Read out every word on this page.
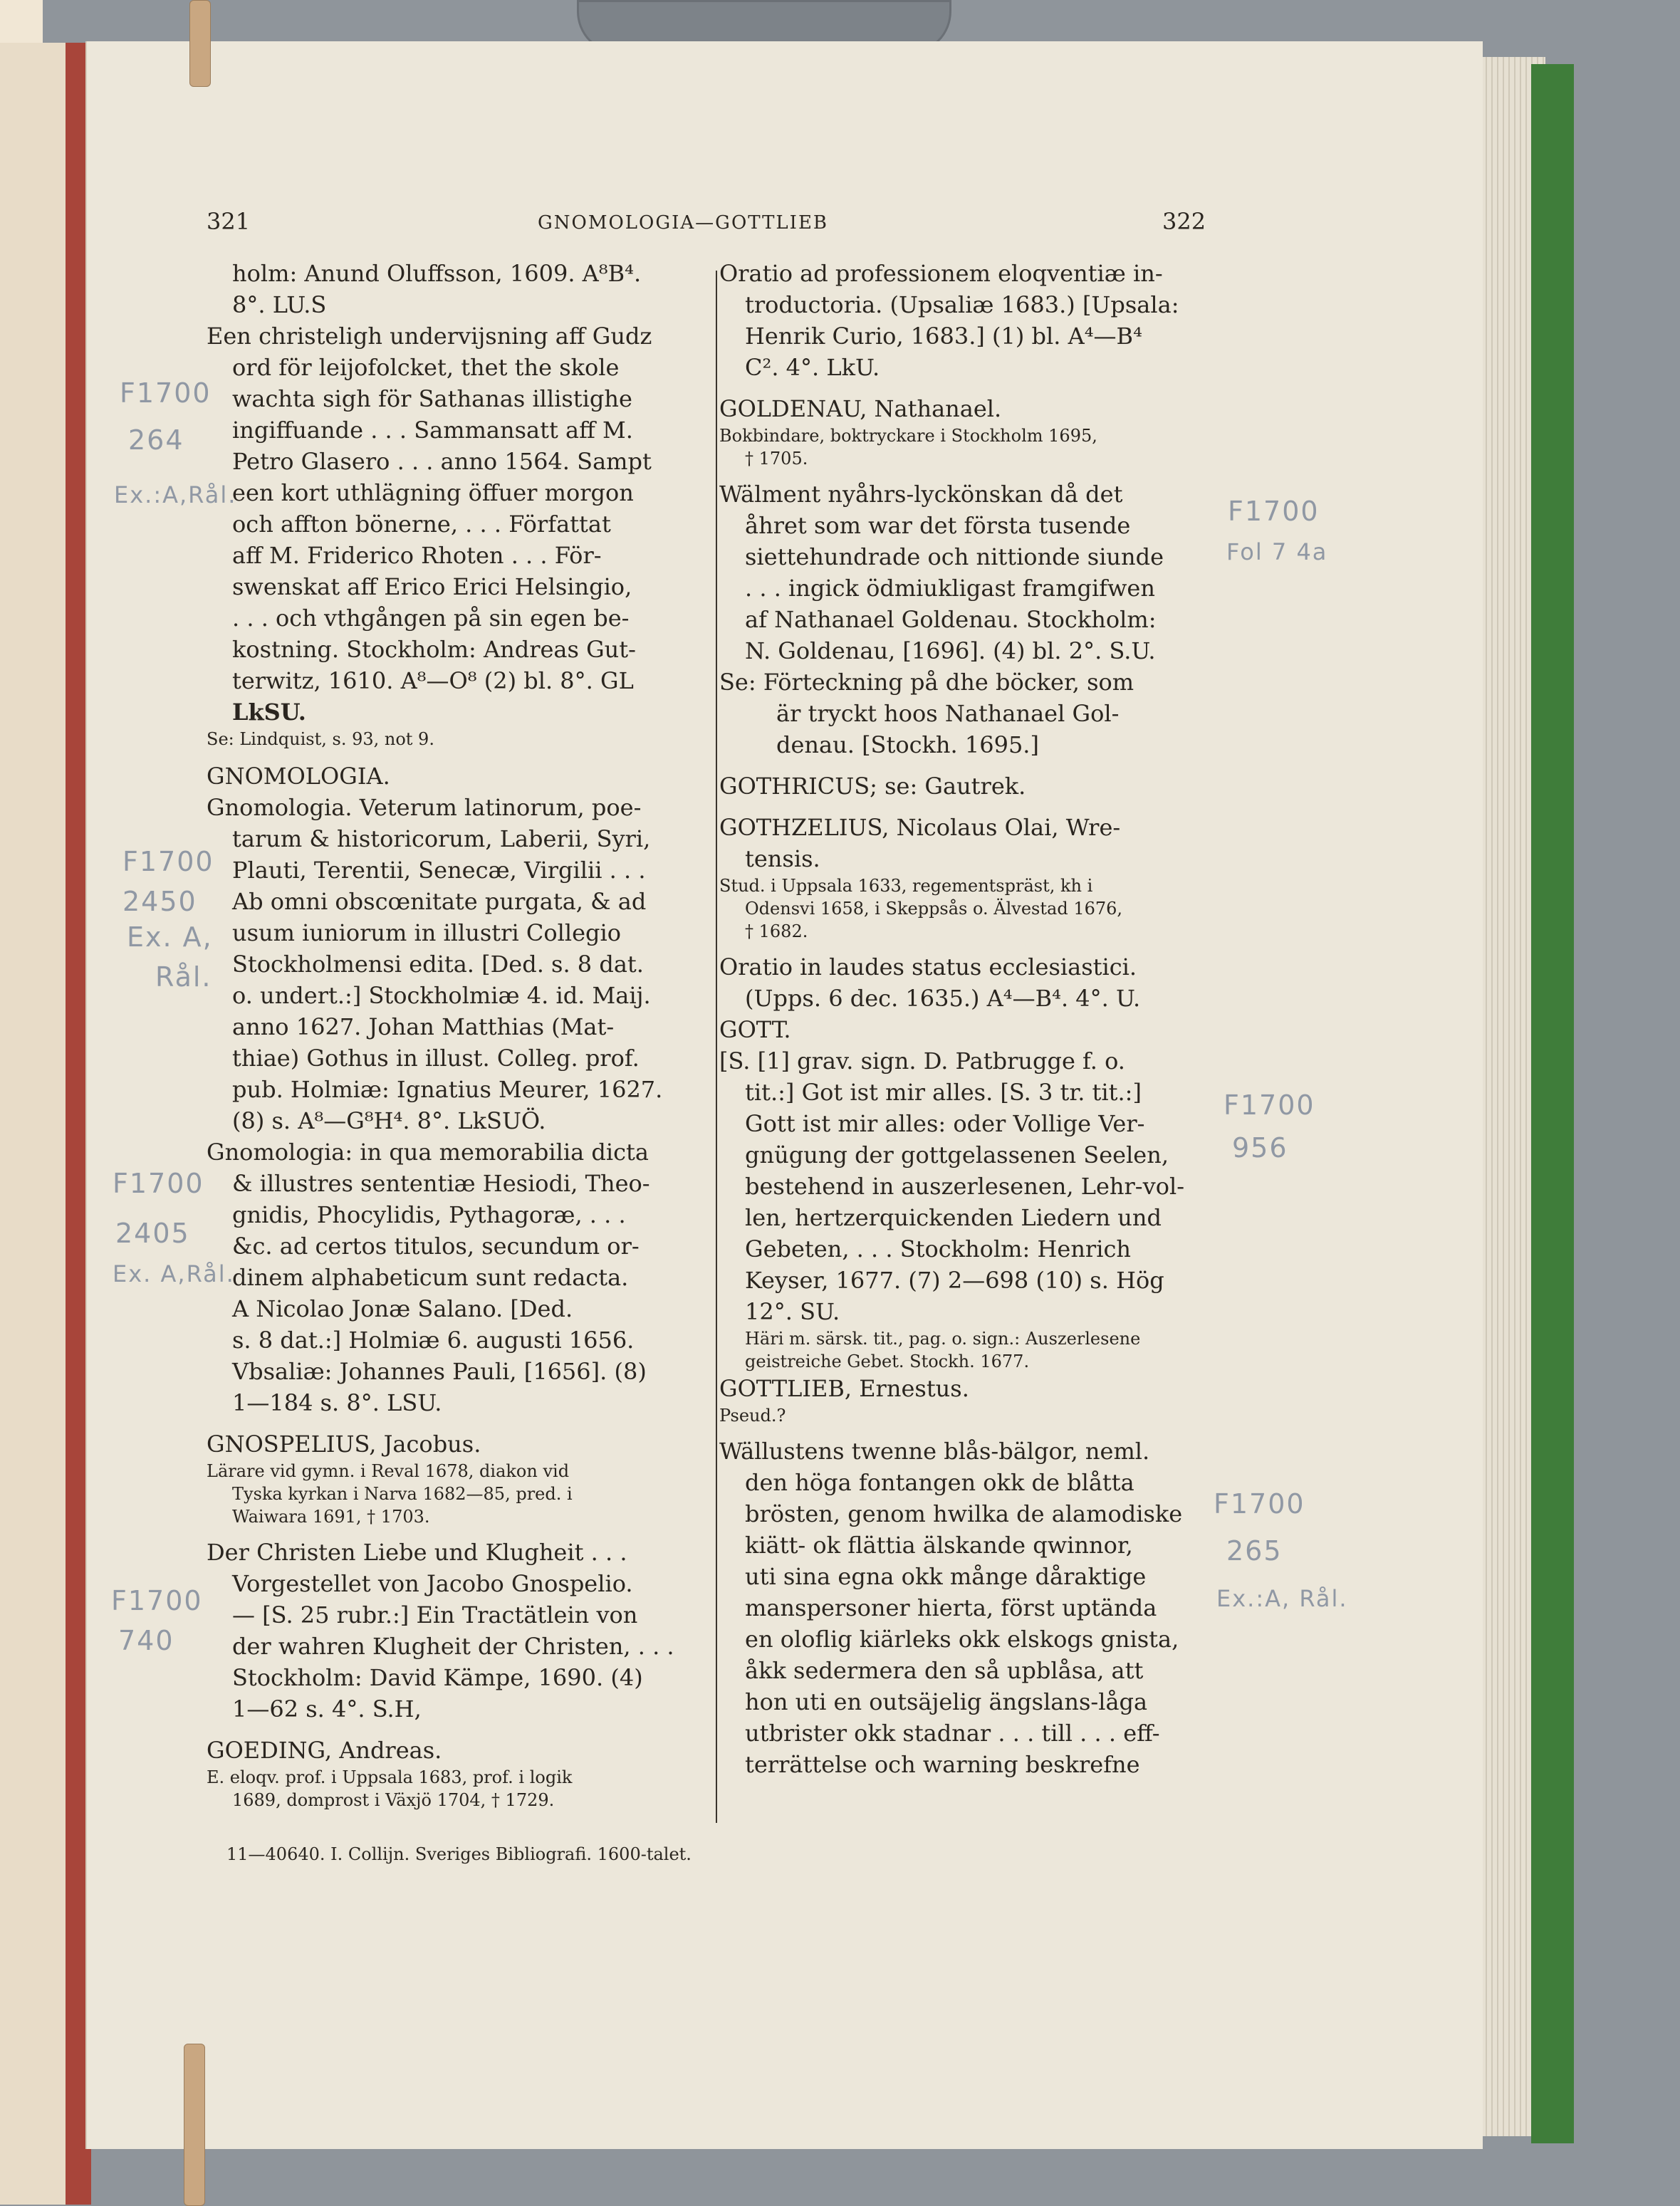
321	GNOMOLOGIA—GOTTLIEB	322

holm: Anund Oluffsson, 1609. A⁸B⁴.

8°. LU.S

Een christeligh undervijsning aff Gudz

ord för leijofolcket, thet the skole

wachta sigh för Sathanas illistighe

ingiffuande . . . Sammansatt aff M.

Petro Glasero . . . anno 1564. Sampt

een kort uthlägning öffuer morgon

och affton bönerne, . . . Författat

aff M. Friderico Rhoten . . . För-

swenskat aff Erico Erici Helsingio,

. . . och vthgången på sin egen be-

kostning. Stockholm: Andreas Gut-

terwitz, 1610. A⁸—O⁸ (2) bl. 8°. GL

LkSU.

Se: Lindquist, s. 93, not 9.

GNOMOLOGIA.

Gnomologia. Veterum latinorum, poe-

tarum & historicorum, Laberii, Syri,

Plauti, Terentii, Senecæ, Virgilii . . .

Ab omni obscœnitate purgata, & ad

usum iuniorum in illustri Collegio

Stockholmensi edita. [Ded. s. 8 dat.

o. undert.:] Stockholmiæ 4. id. Maij.

anno 1627. Johan Matthias (Mat-

thiae) Gothus in illust. Colleg. prof.

pub. Holmiæ: Ignatius Meurer, 1627.

(8) s. A⁸—G⁸H⁴. 8°. LkSUÖ.

Gnomologia: in qua memorabilia dicta

& illustres sententiæ Hesiodi, Theo-

gnidis, Phocylidis, Pythagoræ, . . .

&c. ad certos titulos, secundum or-

dinem alphabeticum sunt redacta.

A Nicolao Jonæ Salano. [Ded.

s. 8 dat.:] Holmiæ 6. augusti 1656.

Vbsaliæ: Johannes Pauli, [1656]. (8)

1—184 s. 8°. LSU.

GNOSPELIUS, Jacobus.

Lärare vid gymn. i Reval 1678, diakon vid

Tyska kyrkan i Narva 1682—85, pred. i

Waiwara 1691, † 1703.

Der Christen Liebe und Klugheit . . .

Vorgestellet von Jacobo Gnospelio.

— [S. 25 rubr.:] Ein Tractätlein von

der wahren Klugheit der Christen, . . .

Stockholm: David Kämpe, 1690. (4)

1—62 s. 4°. S.H,

GOEDING, Andreas.

E. eloqv. prof. i Uppsala 1683, prof. i logik

1689, domprost i Växjö 1704, † 1729.

Oratio ad professionem eloqventiæ in-

troductoria. (Upsaliæ 1683.) [Upsala:

Henrik Curio, 1683.] (1) bl. A⁴—B⁴

C². 4°. LkU.

GOLDENAU, Nathanael.

Bokbindare, boktryckare i Stockholm 1695,

† 1705.

Wälment nyåhrs-lyckönskan då det

åhret som war det första tusende

siettehundrade och nittionde siunde

. . . ingick ödmiukligast framgifwen

af Nathanael Goldenau. Stockholm:

N. Goldenau, [1696]. (4) bl. 2°. S.U.

Se: Förteckning på dhe böcker, som

är tryckt hoos Nathanael Gol-

denau. [Stockh. 1695.]

GOTHRICUS; se: Gautrek.

GOTHZELIUS, Nicolaus Olai, Wre-

tensis.

Stud. i Uppsala 1633, regementspräst, kh i

Odensvi 1658, i Skeppsås o. Älvestad 1676,

† 1682.

Oratio in laudes status ecclesiastici.

(Upps. 6 dec. 1635.) A⁴—B⁴. 4°. U.

GOTT.

[S. [1] grav. sign. D. Patbrugge f. o.

tit.:] Got ist mir alles. [S. 3 tr. tit.:]

Gott ist mir alles: oder Vollige Ver-

gnügung der gottgelassenen Seelen,

bestehend in auszerlesenen, Lehr-vol-

len, hertzerquickenden Liedern und

Gebeten, . . . Stockholm: Henrich

Keyser, 1677. (7) 2—698 (10) s. Hög

12°. SU.

Häri m. särsk. tit., pag. o. sign.: Auszerlesene

geistreiche Gebet. Stockh. 1677.

GOTTLIEB, Ernestus.

Pseud.?

Wällustens twenne blås-bälgor, neml.

den höga fontangen okk de blåtta

brösten, genom hwilka de alamodiske

kiätt- ok flättia älskande qwinnor,

uti sina egna okk månge dåraktige

manspersoner hierta, först uptända

en oloflig kiärleks okk elskogs gnista,

åkk sedermera den så upblåsa, att

hon uti en outsäjelig ängslans-låga

utbrister okk stadnar . . . till . . . eff-

terrättelse och warning beskrefne

11—40640. I. Collijn. Sveriges Bibliografi. 1600-talet.
F1700
264
Ex.:A,Rål.
F1700
2450
Ex. A,
Rål.
F1700
2405
Ex. A,Rål.
F1700
740
F1700
Fol 7 4a
F1700
956
F1700
265
Ex.:A, Rål.
